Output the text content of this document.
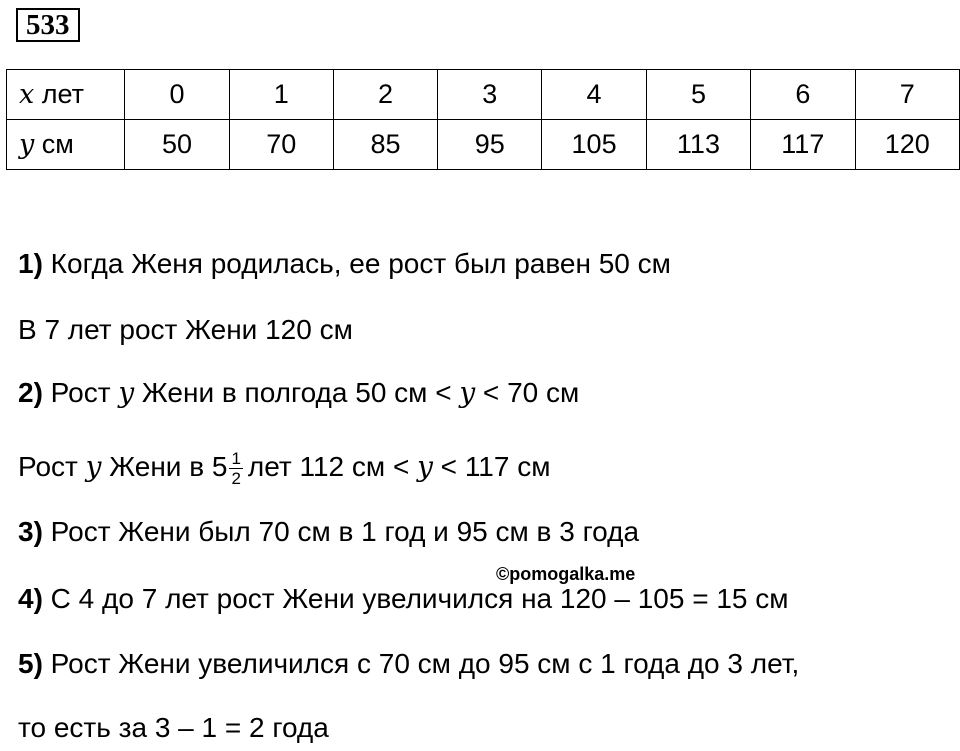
533
x лет	0	1	2	3	4	5	6	7
y см	50	70	85	95	105	113	117	120
1) Когда Женя родилась, ее рост был равен 50 см
В 7 лет рост Жени 120 см
2) Рост y Жени в полгода 50 см < y < 70 см
Рост y Жени в $5 \frac{1}{2}$ лет 112 см < y < 117 см
3) Рост Жени был 70 см в 1 год и 95 см в 3 года
©pomogalka.me
4) С 4 до 7 лет рост Жени увеличился на 120 – 105 = 15 см
5) Рост Жени увеличился с 70 см до 95 см с 1 года до 3 лет,
то есть за 3 – 1 = 2 года
